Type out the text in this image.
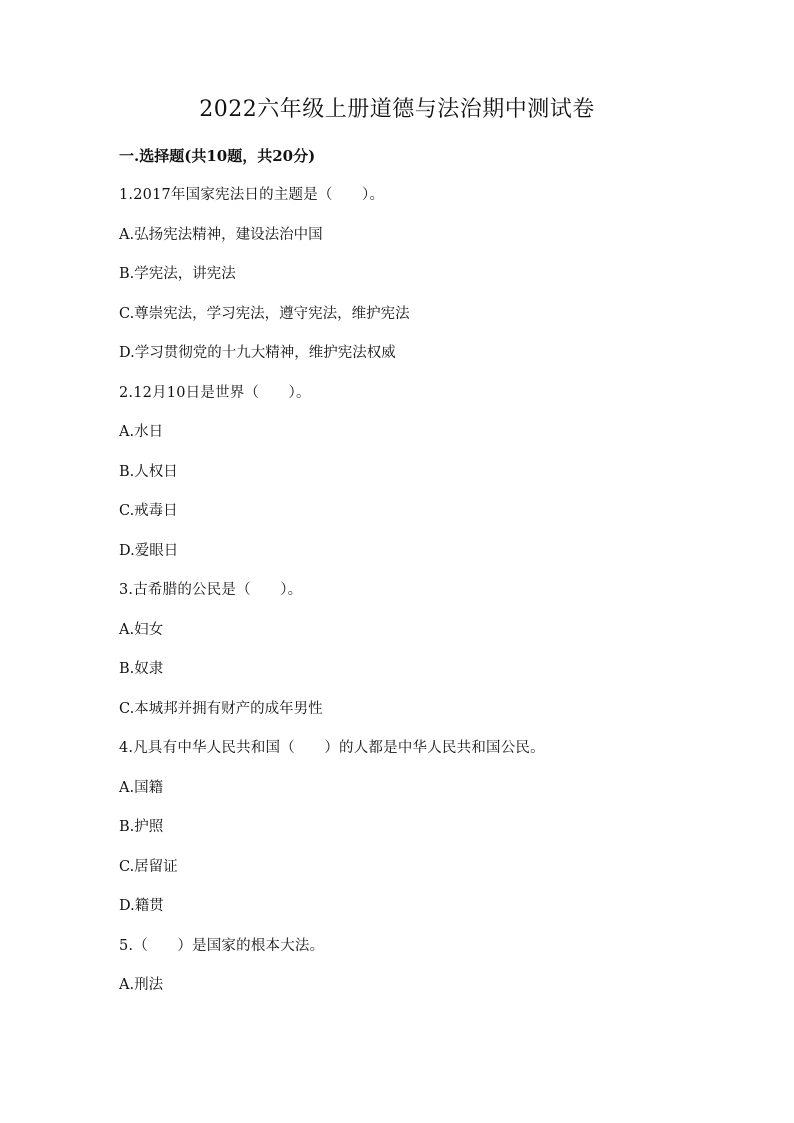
2022六年级上册道德与法治期中测试卷
一.选择题(共10题，共20分)
1.2017年国家宪法日的主题是（　　）。
A.弘扬宪法精神，建设法治中国
B.学宪法，讲宪法
C.尊崇宪法，学习宪法，遵守宪法，维护宪法
D.学习贯彻党的十九大精神，维护宪法权威
2.12月10日是世界（　　）。
A.水日
B.人权日
C.戒毒日
D.爱眼日
3.古希腊的公民是（　　）。
A.妇女
B.奴隶
C.本城邦并拥有财产的成年男性
4.凡具有中华人民共和国（　　）的人都是中华人民共和国公民。
A.国籍
B.护照
C.居留证
D.籍贯
5.（　　）是国家的根本大法。
A.刑法
